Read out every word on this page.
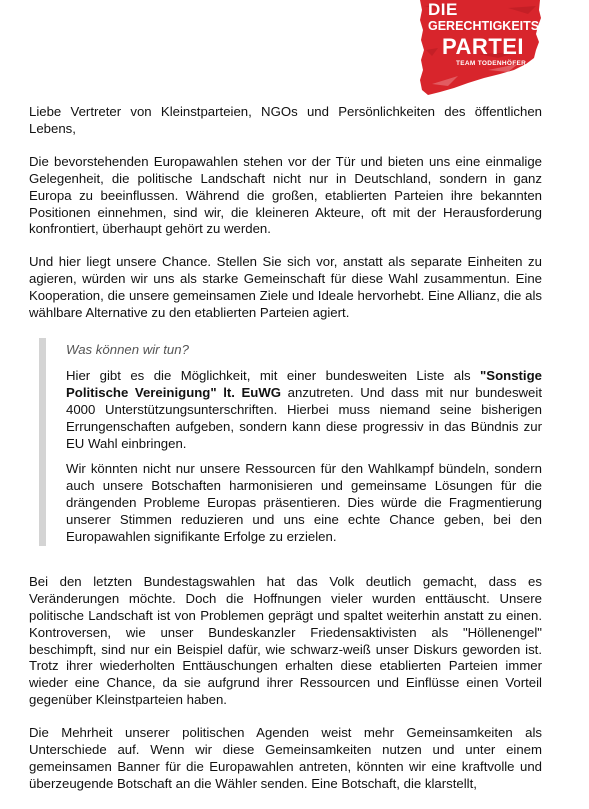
DIE
GERECHTIGKEITS-
PARTEI
TEAM TODENHÖFER

Liebe Vertreter von Kleinstparteien, NGOs und Persönlichkeiten des öffentlichen Lebens,

Die bevorstehenden Europawahlen stehen vor der Tür und bieten uns eine einmalige Gelegenheit, die politische Landschaft nicht nur in Deutschland, sondern in ganz Europa zu beeinflussen. Während die großen, etablierten Parteien ihre bekannten Positionen einnehmen, sind wir, die kleineren Akteure, oft mit der Herausforderung konfrontiert, überhaupt gehört zu werden.

Und hier liegt unsere Chance. Stellen Sie sich vor, anstatt als separate Einheiten zu agieren, würden wir uns als starke Gemeinschaft für diese Wahl zusammentun. Eine Kooperation, die unsere gemeinsamen Ziele und Ideale hervorhebt. Eine Allianz, die als wählbare Alternative zu den etablierten Parteien agiert.

Was können wir tun?

Hier gibt es die Möglichkeit, mit einer bundesweiten Liste als "Sonstige Politische Vereinigung" lt. EuWG anzutreten. Und dass mit nur bundesweit 4000 Unterstützungsunterschriften. Hierbei muss niemand seine bisherigen Errungenschaften aufgeben, sondern kann diese progressiv in das Bündnis zur EU Wahl einbringen.

Wir könnten nicht nur unsere Ressourcen für den Wahlkampf bündeln, sondern auch unsere Botschaften harmonisieren und gemeinsame Lösungen für die drängenden Probleme Europas präsentieren. Dies würde die Fragmentierung unserer Stimmen reduzieren und uns eine echte Chance geben, bei den Europawahlen signifikante Erfolge zu erzielen.

Bei den letzten Bundestagswahlen hat das Volk deutlich gemacht, dass es Veränderungen möchte. Doch die Hoffnungen vieler wurden enttäuscht. Unsere politische Landschaft ist von Problemen geprägt und spaltet weiterhin anstatt zu einen. Kontroversen, wie unser Bundeskanzler Friedensaktivisten als "Höllenengel" beschimpft, sind nur ein Beispiel dafür, wie schwarz-weiß unser Diskurs geworden ist. Trotz ihrer wiederholten Enttäuschungen erhalten diese etablierten Parteien immer wieder eine Chance, da sie aufgrund ihrer Ressourcen und Einflüsse einen Vorteil gegenüber Kleinstparteien haben.

Die Mehrheit unserer politischen Agenden weist mehr Gemeinsamkeiten als Unterschiede auf. Wenn wir diese Gemeinsamkeiten nutzen und unter einem gemeinsamen Banner für die Europawahlen antreten, könnten wir eine kraftvolle und überzeugende Botschaft an die Wähler senden. Eine Botschaft, die klarstellt,
